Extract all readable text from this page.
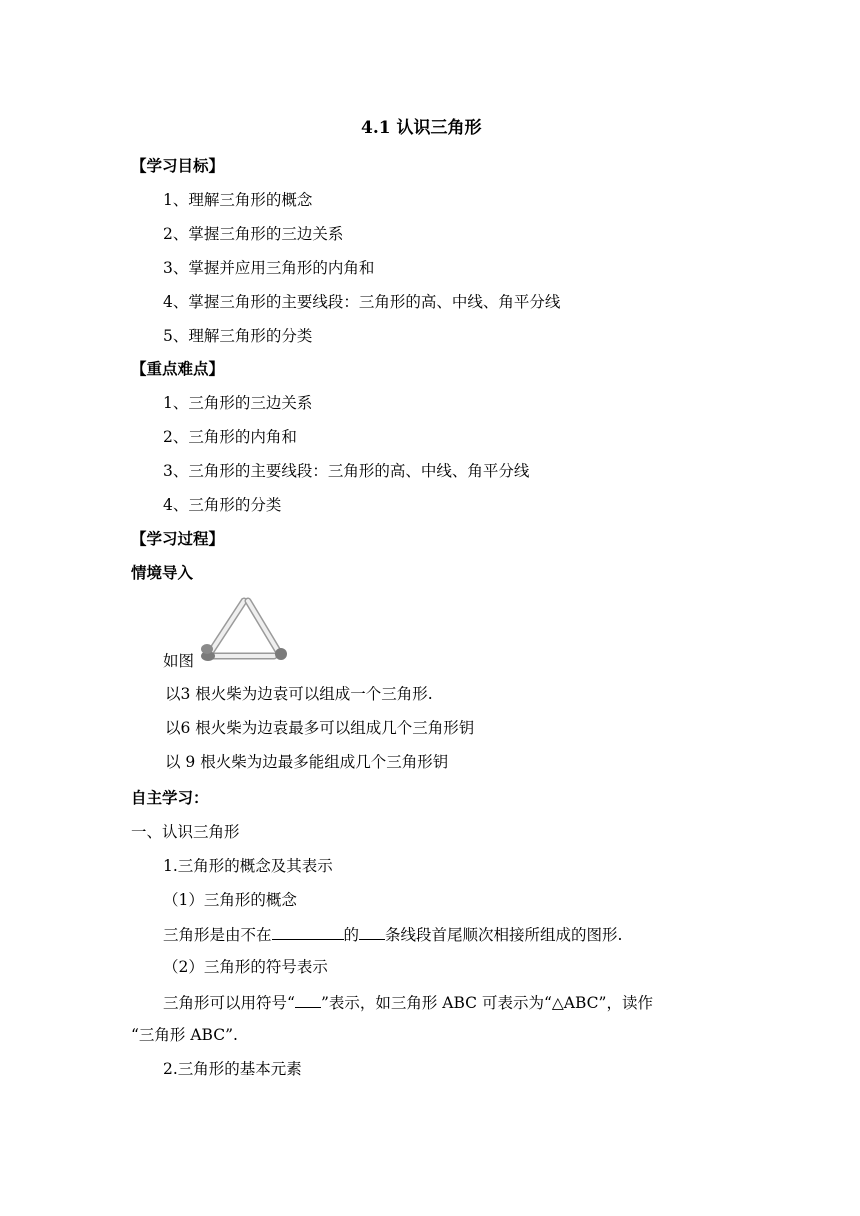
4.1 认识三角形
【学习目标】
1、理解三角形的概念
2、掌握三角形的三边关系
3、掌握并应用三角形的内角和
4、掌握三角形的主要线段：三角形的高、中线、角平分线
5、理解三角形的分类
【重点难点】
1、三角形的三边关系
2、三角形的内角和
3、三角形的主要线段：三角形的高、中线、角平分线
4、三角形的分类
【学习过程】
情境导入
如图
以3 根火柴为边袁可以组成一个三角形.
以6 根火柴为边袁最多可以组成几个三角形钥
以 9 根火柴为边最多能组成几个三角形钥
自主学习：
一、认识三角形
1.三角形的概念及其表示
（1）三角形的概念
三角形是由不在	的 条线段首尾顺次相接所组成的图形.
（2）三角形的符号表示
三角形可以用符号“ ”表示，如三角形 ABC 可表示为“△ABC”，读作
“三角形 ABC”.
2.三角形的基本元素
